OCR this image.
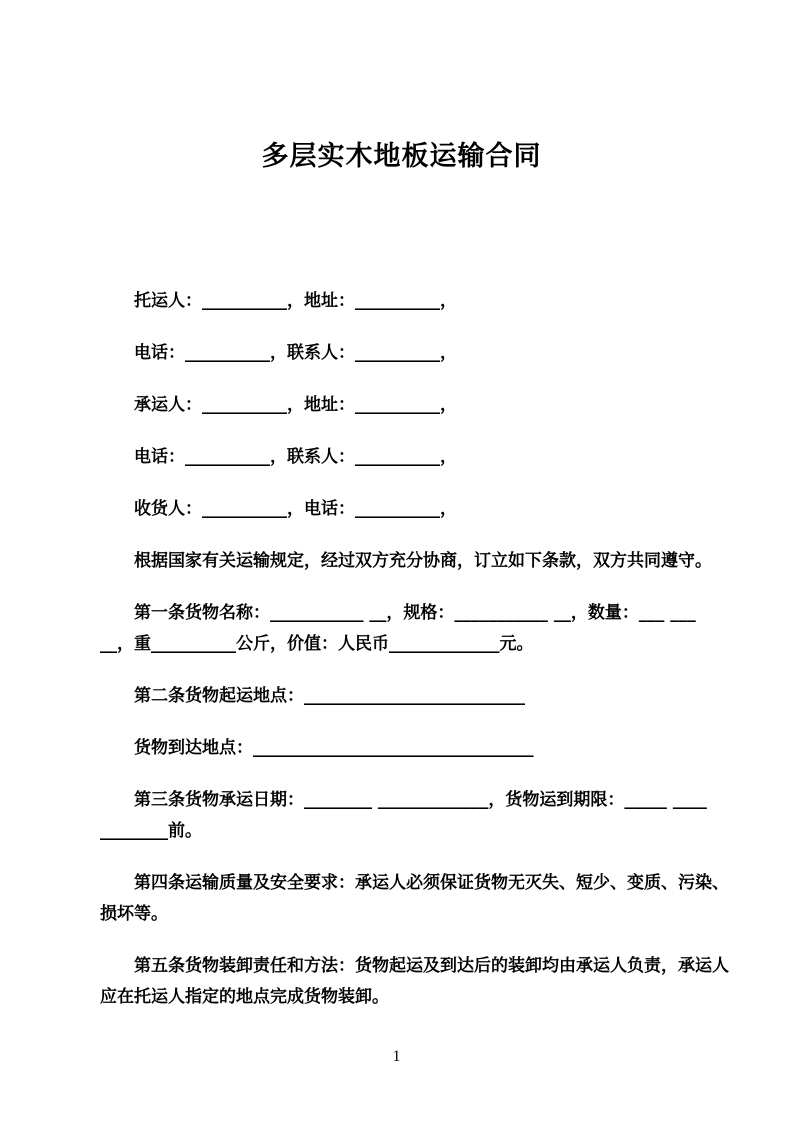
多层实木地板运输合同

托运人：__________，地址：__________，

电话：__________，联系人：__________，

承运人：__________，地址：__________，

电话：__________，联系人：__________，

收货人：__________，电话：__________，

根据国家有关运输规定，经过双方充分协商，订立如下条款，双方共同遵守。

第一条货物名称：___________ __，规格：___________ __，数量：___ ___
__，重__________公斤，价值：人民币_____________元。

第二条货物起运地点：__________________________

货物到达地点：_________________________________

第三条货物承运日期：________ _____________，货物运到期限：_____ ____
________前。

第四条运输质量及安全要求：承运人必须保证货物无灭失、短少、变质、污染、
损坏等。

第五条货物装卸责任和方法：货物起运及到达后的装卸均由承运人负责，承运人
应在托运人指定的地点完成货物装卸。

1
